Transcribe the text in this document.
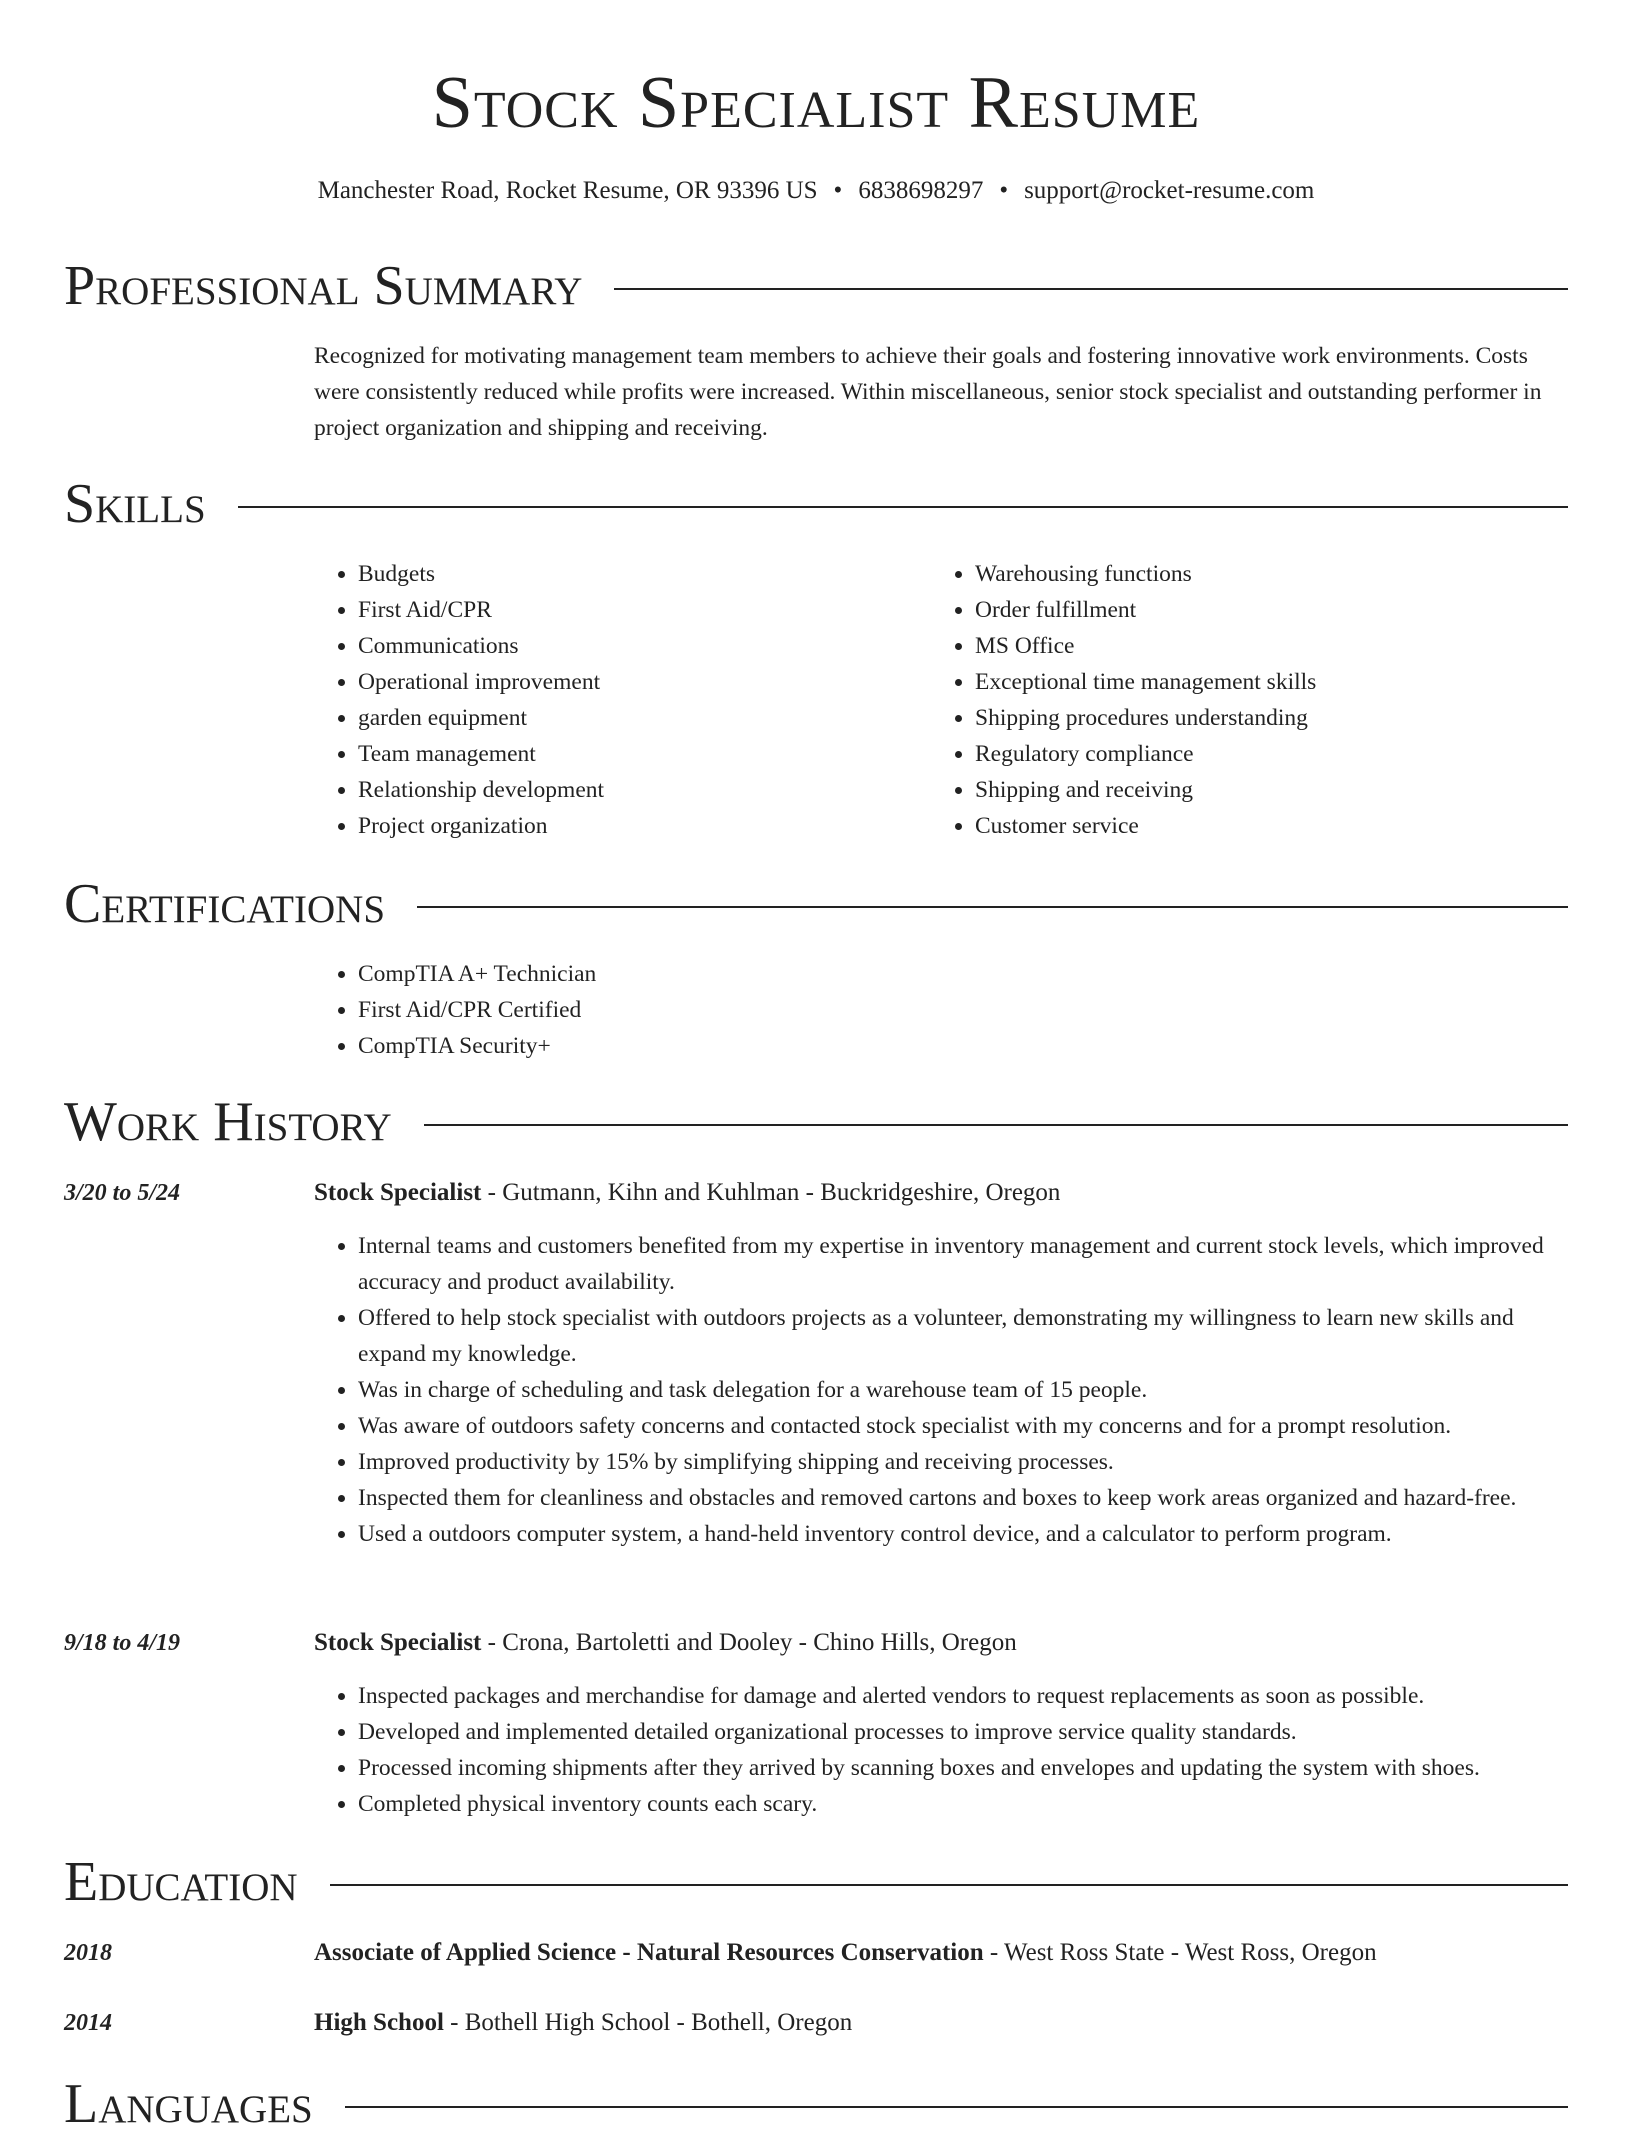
Stock Specialist Resume
Manchester Road, Rocket Resume, OR 93396 US • 6838698297 • support@rocket-resume.com
Professional Summary
Recognized for motivating management team members to achieve their goals and fostering innovative work environments. Costs were consistently reduced while profits were increased. Within miscellaneous, senior stock specialist and outstanding performer in project organization and shipping and receiving.
Skills
• Budgets
• First Aid/CPR
• Communications
• Operational improvement
• garden equipment
• Team management
• Relationship development
• Project organization
• Warehousing functions
• Order fulfillment
• MS Office
• Exceptional time management skills
• Shipping procedures understanding
• Regulatory compliance
• Shipping and receiving
• Customer service
Certifications
• CompTIA A+ Technician
• First Aid/CPR Certified
• CompTIA Security+
Work History
3/20 to 5/24	Stock Specialist - Gutmann, Kihn and Kuhlman - Buckridgeshire, Oregon
• Internal teams and customers benefited from my expertise in inventory management and current stock levels, which improved accuracy and product availability.
• Offered to help stock specialist with outdoors projects as a volunteer, demonstrating my willingness to learn new skills and expand my knowledge.
• Was in charge of scheduling and task delegation for a warehouse team of 15 people.
• Was aware of outdoors safety concerns and contacted stock specialist with my concerns and for a prompt resolution.
• Improved productivity by 15% by simplifying shipping and receiving processes.
• Inspected them for cleanliness and obstacles and removed cartons and boxes to keep work areas organized and hazard-free.
• Used a outdoors computer system, a hand-held inventory control device, and a calculator to perform program.
9/18 to 4/19	Stock Specialist - Crona, Bartoletti and Dooley - Chino Hills, Oregon
• Inspected packages and merchandise for damage and alerted vendors to request replacements as soon as possible.
• Developed and implemented detailed organizational processes to improve service quality standards.
• Processed incoming shipments after they arrived by scanning boxes and envelopes and updating the system with shoes.
• Completed physical inventory counts each scary.
Education
2018	Associate of Applied Science - Natural Resources Conservation - West Ross State - West Ross, Oregon
2014	High School - Bothell High School - Bothell, Oregon
Languages
